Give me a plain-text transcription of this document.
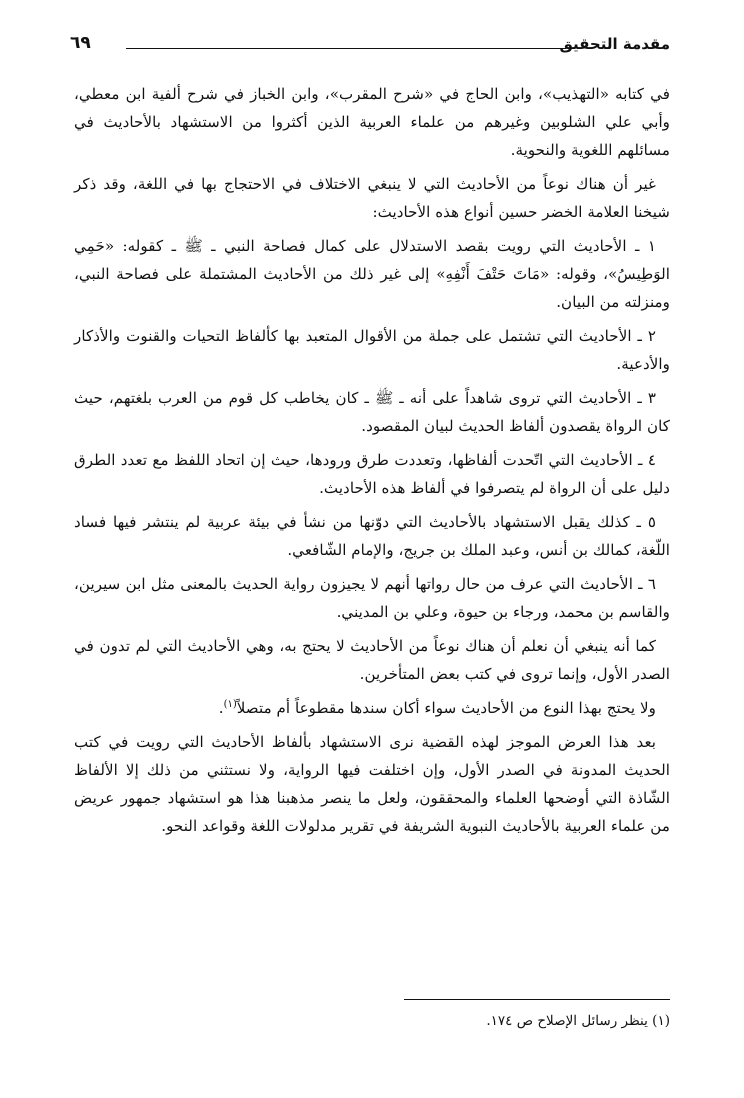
مقدمة التحقيق
٦٩

في كتابه «التهذيب»، وابن الحاج في «شرح المقرب»، وابن الخباز في شرح ألفية ابن معطي، وأبي علي الشلوبين وغيرهم من علماء العربية الذين أكثروا من الاستشهاد بالأحاديث في مسائلهم اللغوية والنحوية.

غير أن هناك نوعاً من الأحاديث التي لا ينبغي الاختلاف في الاحتجاج بها في اللغة، وقد ذكر شيخنا العلامة الخضر حسين أنواع هذه الأحاديث:

١ ـ الأحاديث التي رويت بقصد الاستدلال على كمال فصاحة النبي ـ ﷺ ـ كقوله: «حَمِي الوَطِيسُ»، وقوله: «مَاتَ حَتْفَ أَنْفِهِ» إلى غير ذلك من الأحاديث المشتملة على فصاحة النبي، ومنزلته من البيان.

٢ ـ الأحاديث التي تشتمل على جملة من الأقوال المتعبد بها كألفاظ التحيات والقنوت والأذكار والأدعية.

٣ ـ الأحاديث التي تروى شاهداً على أنه ـ ﷺ ـ كان يخاطب كل قوم من العرب بلغتهم، حيث كان الرواة يقصدون ألفاظ الحديث لبيان المقصود.

٤ ـ الأحاديث التي اتّحدت ألفاظها، وتعددت طرق ورودها، حيث إن اتحاد اللفظ مع تعدد الطرق دليل على أن الرواة لم يتصرفوا في ألفاظ هذه الأحاديث.

٥ ـ كذلك يقبل الاستشهاد بالأحاديث التي دوّنها من نشأ في بيئة عربية لم ينتشر فيها فساد اللّغة، كمالك بن أنس، وعبد الملك بن جريج، والإمام الشّافعي.

٦ ـ الأحاديث التي عرف من حال رواتها أنهم لا يجيزون رواية الحديث بالمعنى مثل ابن سيرين، والقاسم بن محمد، ورجاء بن حيوة، وعلي بن المديني.

كما أنه ينبغي أن نعلم أن هناك نوعاً من الأحاديث لا يحتج به، وهي الأحاديث التي لم تدون في الصدر الأول، وإنما تروى في كتب بعض المتأخرين.

ولا يحتج بهذا النوع من الأحاديث سواء أكان سندها مقطوعاً أم متصلاً$^{(١)}$.

بعد هذا العرض الموجز لهذه القضية نرى الاستشهاد بألفاظ الأحاديث التي رويت في كتب الحديث المدونة في الصدر الأول، وإن اختلفت فيها الرواية، ولا نستثني من ذلك إلا الألفاظ الشّاذة التي أوضحها العلماء والمحققون، ولعل ما ينصر مذهبنا هذا هو استشهاد جمهور عريض من علماء العربية بالأحاديث النبوية الشريفة في تقرير مدلولات اللغة وقواعد النحو.

(١) ينظر رسائل الإصلاح ص ١٧٤.
